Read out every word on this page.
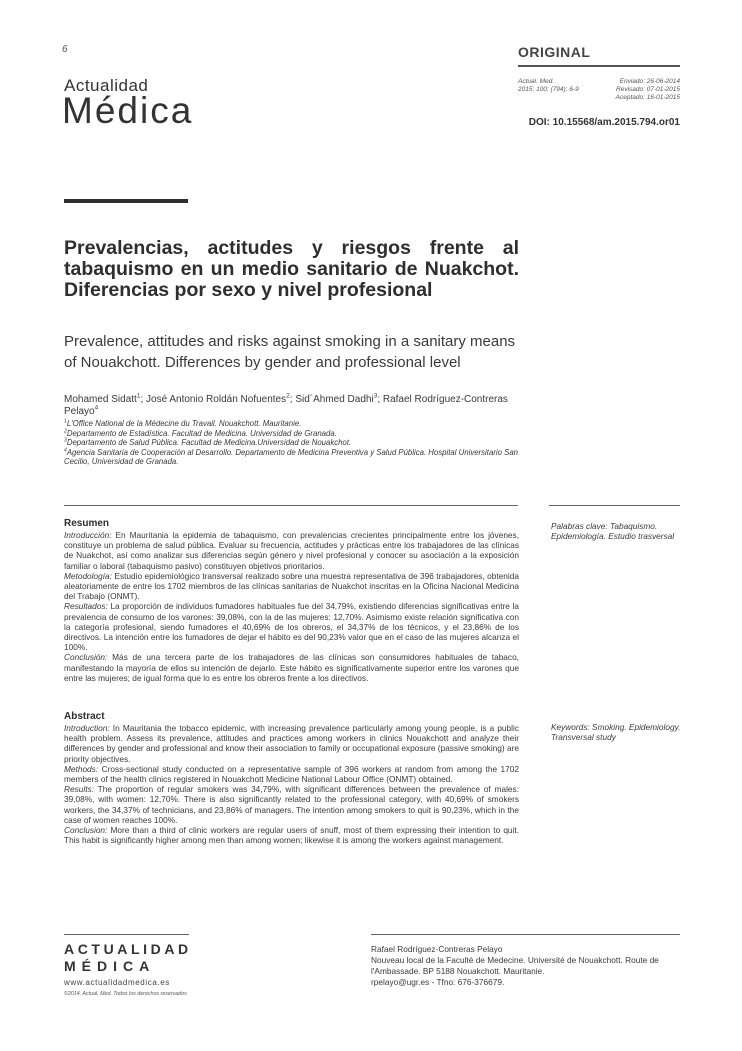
6
Actualidad
Médica
ORIGINAL
Actual. Med.
2015; 100: (794): 6-9
Enviado: 26-06-2014
Revisado: 07-01-2015
Aceptado: 16-01-2015
DOI: 10.15568/am.2015.794.or01
Prevalencias, actitudes y riesgos frente al tabaquismo en un medio sanitario de Nuakchot. Diferencias por sexo y nivel profesional
Prevalence, attitudes and risks against smoking in a sanitary means of Nouakchott. Differences by gender and professional level
Mohamed Sidatt$^1$; José Antonio Roldán Nofuentes$^2$; Sid´Ahmed Dadhi$^3$; Rafael Rodríguez-Contreras Pelayo$^4$
$^1$L'Office National de la Médecine du Travail. Nouakchott. Mauritanie.
$^2$Departamento de Estadística. Facultad de Medicina. Universidad de Granada.
$^3$Departamento de Salud Pública. Facultad de Medicina.Universidad de Nouakchot.
$^4$Agencia Sanitaria de Cooperación al Desarrollo. Departamento de Medicina Preventiva y Salud Pública. Hospital Universitario San Cecilio, Universidad de Granada.
Resumen
Introducción: En Mauritania la epidemia de tabaquismo, con prevalencias crecientes principalmente entre los jóvenes, constituye un problema de salud pública. Evaluar su frecuencia, actitudes y prácticas entre los trabajadores de las clínicas de Nuakchot, así como analizar sus diferencias según género y nivel profesional y conocer su asociación a la exposición familiar o laboral (tabaquismo pasivo) constituyen objetivos prioritarios.
Metodología: Estudio epidemiológico transversal realizado sobre una muestra representativa de 396 trabajadores, obtenida aleatoriamente de entre los 1702 miembros de las clínicas sanitarias de Nuakchot inscritas en la Oficina Nacional Medicina del Trabajo (ONMT).
Resultados: La proporción de individuos fumadores habituales fue del 34,79%, existiendo diferencias significativas entre la prevalencia de consumo de los varones: 39,08%, con la de las mujeres: 12,70%. Asimismo existe relación significativa con la categoría profesional, siendo fumadores el 40,69% de los obreros, el 34,37% de los técnicos, y el 23,86% de los directivos. La intención entre los fumadores de dejar el hábito es del 90,23% valor que en el caso de las mujeres alcanza el 100%.
Conclusión: Más de una tercera parte de los trabajadores de las clínicas son consumidores habituales de tabaco, manifestando la mayoría de ellos su intención de dejarlo. Este hábito es significativamente superior entre los varones que entre las mujeres; de igual forma que lo es entre los obreros frente a los directivos.
Palabras clave: Tabaquismo. Epidemiología. Estudio trasversal
Abstract
Introduction: In Mauritania the tobacco epidemic, with increasing prevalence particularly among young people, is a public health problem. Assess its prevalence, attitudes and practices among workers in clinics Nouakchott and analyze their differences by gender and professional and know their association to family or occupational exposure (passive smoking) are priority objectives.
Methods: Cross-sectional study conducted on a representative sample of 396 workers at random from among the 1702 members of the health clinics registered in Nouakchott Medicine National Labour Office (ONMT) obtained.
Results: The proportion of regular smokers was 34,79%, with significant differences between the prevalence of males: 39,08%, with women: 12,70%. There is also significantly related to the professional category, with 40,69% of smokers workers, the 34,37% of technicians, and 23,86% of managers. The intention among smokers to quit is 90,23%, which in the case of women reaches 100%.
Conclusion: More than a third of clinic workers are regular users of snuff, most of them expressing their intention to quit. This habit is significantly higher among men than among women; likewise it is among the workers against management.
Keywords: Smoking. Epidemiology. Transversal study
ACTUALIDAD
MÉDICA
www.actualidadmedica.es
©2014. Actual. Med. Todos los derechos reservados
Rafael Rodríguez-Contreras Pelayo
Nouveau local de la Faculté de Medecine. Université de Nouakchott. Route de l'Ambassade. BP 5188 Nouakchott. Mauritanie.
rpelayo@ugr.es - Tfno: 676-376679.
